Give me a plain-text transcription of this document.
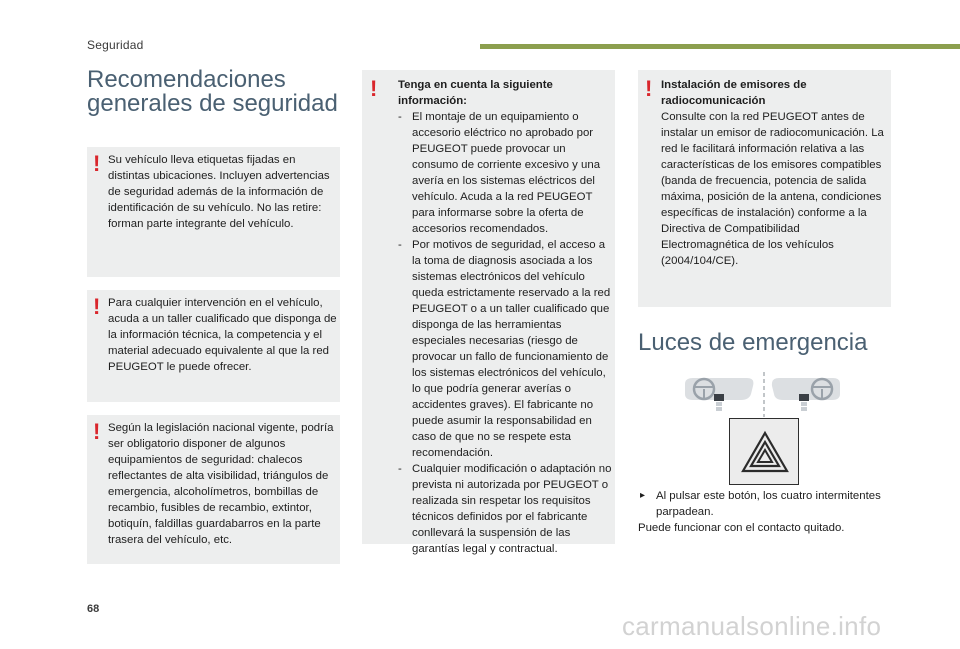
Seguridad
Recomendaciones
generales de seguridad
! Su vehículo lleva etiquetas fijadas en distintas ubicaciones. Incluyen advertencias de seguridad además de la información de identificación de su vehículo. No las retire: forman parte integrante del vehículo.

! Para cualquier intervención en el vehículo, acuda a un taller cualificado que disponga de la información técnica, la competencia y el material adecuado equivalente al que la red PEUGEOT le puede ofrecer.

! Según la legislación nacional vigente, podría ser obligatorio disponer de algunos equipamientos de seguridad: chalecos reflectantes de alta visibilidad, triángulos de emergencia, alcoholímetros, bombillas de recambio, fusibles de recambio, extintor, botiquín, faldillas guardabarros en la parte trasera del vehículo, etc.

! Tenga en cuenta la siguiente información:

- El montaje de un equipamiento o accesorio eléctrico no aprobado por PEUGEOT puede provocar un consumo de corriente excesivo y una avería en los sistemas eléctricos del vehículo. Acuda a la red PEUGEOT para informarse sobre la oferta de accesorios recomendados.
- Por motivos de seguridad, el acceso a la toma de diagnosis asociada a los sistemas electrónicos del vehículo queda estrictamente reservado a la red PEUGEOT o a un taller cualificado que disponga de las herramientas especiales necesarias (riesgo de provocar un fallo de funcionamiento de los sistemas electrónicos del vehículo, lo que podría generar averías o accidentes graves). El fabricante no puede asumir la responsabilidad en caso de que no se respete esta recomendación.
- Cualquier modificación o adaptación no prevista ni autorizada por PEUGEOT o realizada sin respetar los requisitos técnicos definidos por el fabricante conllevará la suspensión de las garantías legal y contractual.
! Instalación de emisores de radiocomunicación

Consulte con la red PEUGEOT antes de instalar un emisor de radiocomunicación. La red le facilitará información relativa a las características de los emisores compatibles (banda de frecuencia, potencia de salida máxima, posición de la antena, condiciones específicas de instalación) conforme a la Directiva de Compatibilidad Electromagnética de los vehículos (2004/104/CE).

Luces de emergencia
▸ Al pulsar este botón, los cuatro intermitentes parpadean.
Puede funcionar con el contacto quitado.
68
carmanualsonline.info
